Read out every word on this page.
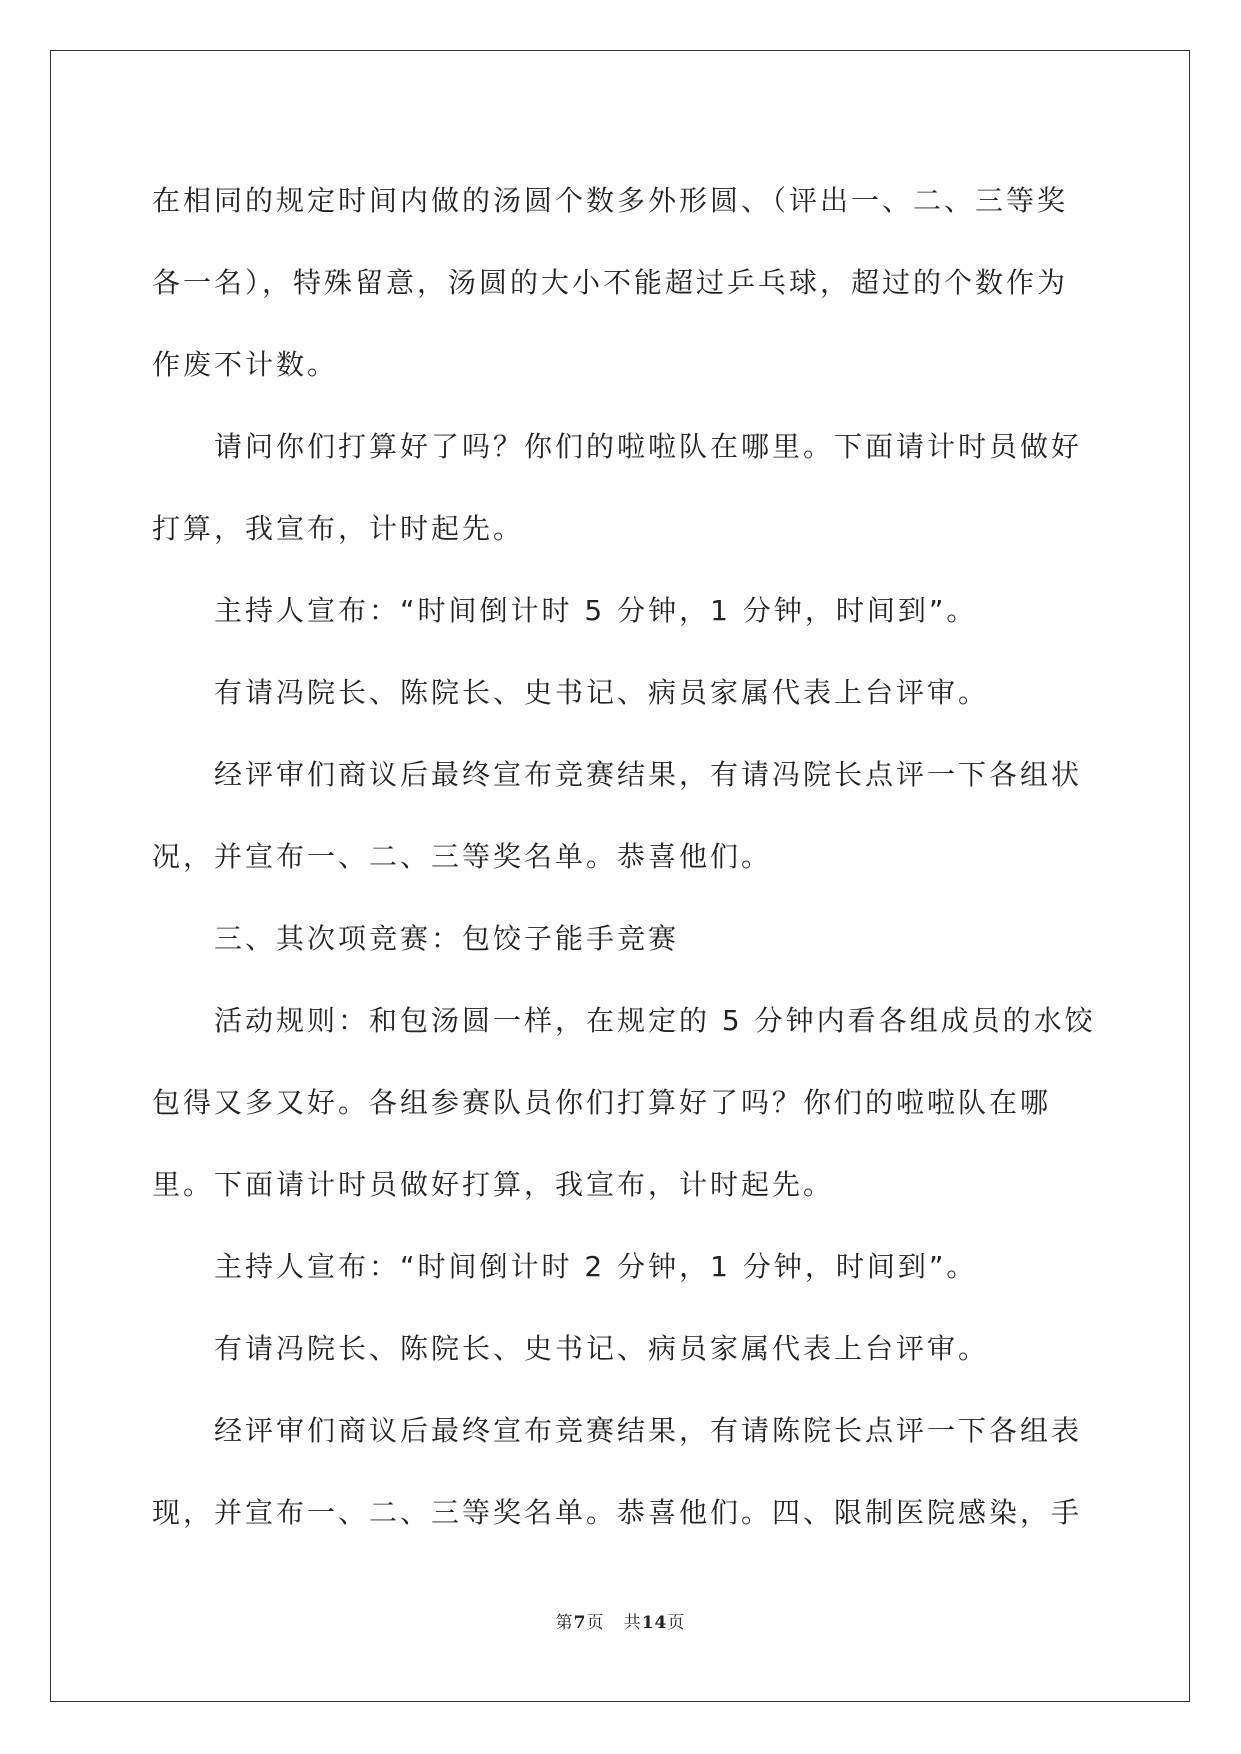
在相同的规定时间内做的汤圆个数多外形圆、（评出一、二、三等奖各一名），特殊留意，汤圆的大小不能超过乒乓球，超过的个数作为作废不计数。

　　请问你们打算好了吗？你们的啦啦队在哪里。下面请计时员做好打算，我宣布，计时起先。

　　主持人宣布：“时间倒计时 5 分钟，1 分钟，时间到”。

　　有请冯院长、陈院长、史书记、病员家属代表上台评审。

　　经评审们商议后最终宣布竞赛结果，有请冯院长点评一下各组状况，并宣布一、二、三等奖名单。恭喜他们。

　　三、其次项竞赛：包饺子能手竞赛

　　活动规则：和包汤圆一样，在规定的 5 分钟内看各组成员的水饺包得又多又好。各组参赛队员你们打算好了吗？你们的啦啦队在哪里。下面请计时员做好打算，我宣布，计时起先。

　　主持人宣布：“时间倒计时 2 分钟，1 分钟，时间到”。

　　有请冯院长、陈院长、史书记、病员家属代表上台评审。

　　经评审们商议后最终宣布竞赛结果，有请陈院长点评一下各组表现，并宣布一、二、三等奖名单。恭喜他们。四、限制医院感染，手

第7页 共14页
